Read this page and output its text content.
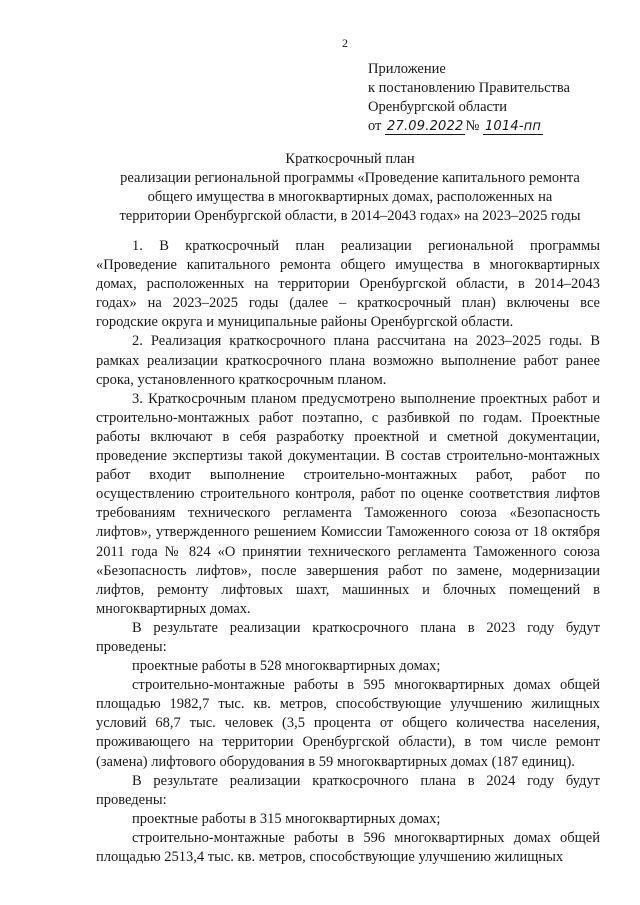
2
Приложение
к постановлению Правительства
Оренбургской области
от 27.09.2022 № 1014-пп
Краткосрочный план
реализации региональной программы «Проведение капитального ремонта
общего имущества в многоквартирных домах, расположенных на
территории Оренбургской области, в 2014–2043 годах» на 2023–2025 годы

1. В краткосрочный план реализации региональной программы «Проведение капитального ремонта общего имущества в многоквартирных домах, расположенных на территории Оренбургской области, в 2014–2043 годах» на 2023–2025 годы (далее – краткосрочный план) включены все городские округа и муниципальные районы Оренбургской области.

2. Реализация краткосрочного плана рассчитана на 2023–2025 годы. В рамках реализации краткосрочного плана возможно выполнение работ ранее срока, установленного краткосрочным планом.

3. Краткосрочным планом предусмотрено выполнение проектных работ и строительно-монтажных работ поэтапно, с разбивкой по годам. Проектные работы включают в себя разработку проектной и сметной документации, проведение экспертизы такой документации. В состав строительно-монтажных работ входит выполнение строительно-монтажных работ, работ по осуществлению строительного контроля, работ по оценке соответствия лифтов требованиям технического регламента Таможенного союза «Безопасность лифтов», утвержденного решением Комиссии Таможенного союза от 18 октября 2011 года № 824 «О принятии технического регламента Таможенного союза «Безопасность лифтов», после завершения работ по замене, модернизации лифтов, ремонту лифтовых шахт, машинных и блочных помещений в многоквартирных домах.

В результате реализации краткосрочного плана в 2023 году будут проведены:

проектные работы в 528 многоквартирных домах;

строительно-монтажные работы в 595 многоквартирных домах общей площадью 1982,7 тыс. кв. метров, способствующие улучшению жилищных условий 68,7 тыс. человек (3,5 процента от общего количества населения, проживающего на территории Оренбургской области), в том числе ремонт (замена) лифтового оборудования в 59 многоквартирных домах (187 единиц).

В результате реализации краткосрочного плана в 2024 году будут проведены:

проектные работы в 315 многоквартирных домах;

строительно-монтажные работы в 596 многоквартирных домах общей площадью 2513,4 тыс. кв. метров, способствующие улучшению жилищных
